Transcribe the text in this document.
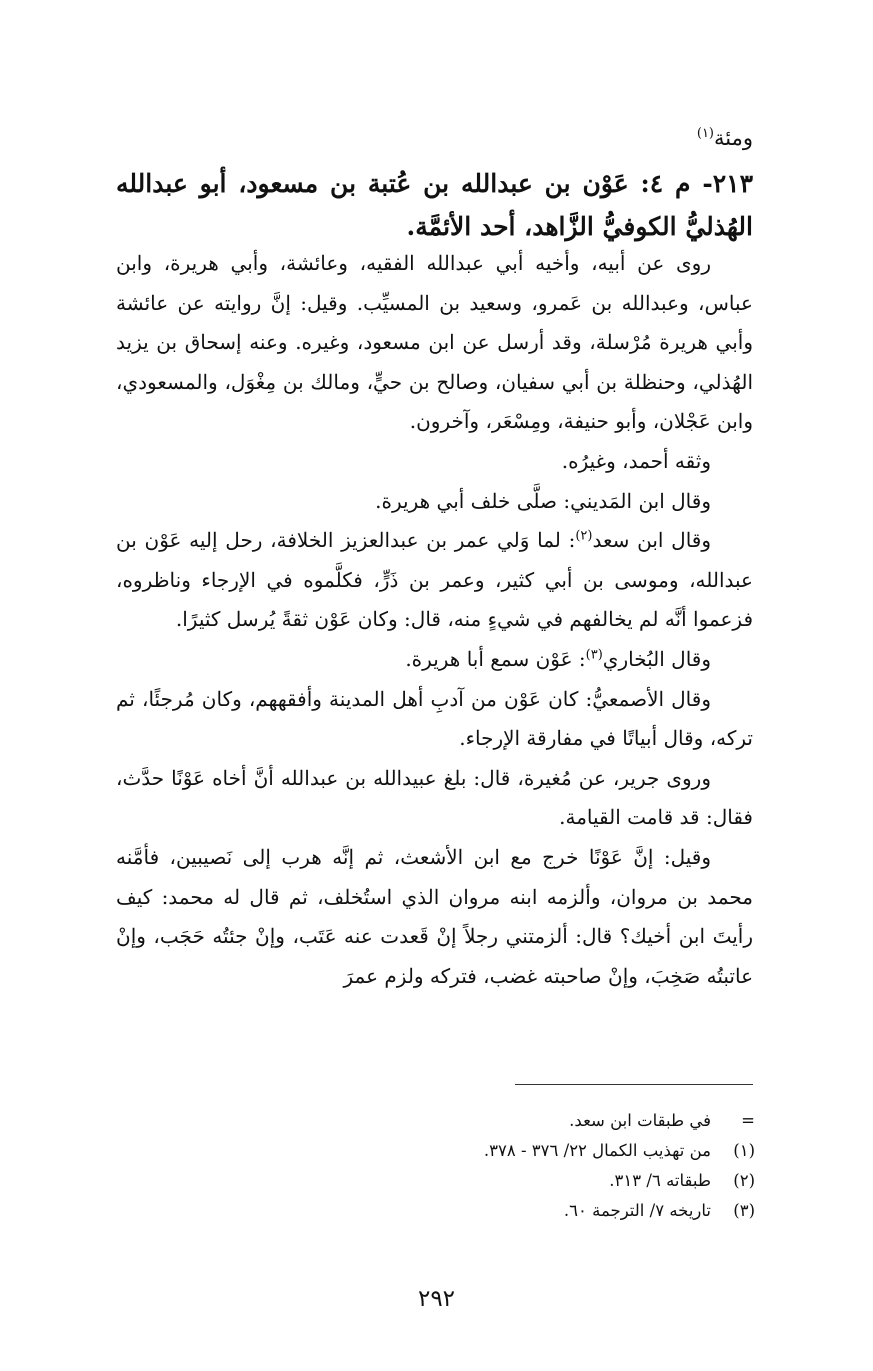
ومئة$^{(١)}$
٢١٣- م ٤: عَوْن بن عبدالله بن عُتبة بن مسعود، أبو عبدالله الهُذليُّ الكوفيُّ الزَّاهد، أحد الأئمَّة.

روى عن أبيه، وأخيه أبي عبدالله الفقيه، وعائشة، وأبي هريرة، وابن عباس، وعبدالله بن عَمرو، وسعيد بن المسيِّب. وقيل: إنَّ روايته عن عائشة وأبي هريرة مُرْسلة، وقد أرسل عن ابن مسعود، وغيره. وعنه إسحاق بن يزيد الهُذلي، وحنظلة بن أبي سفيان، وصالح بن حيٍّ، ومالك بن مِغْوَل، والمسعودي، وابن عَجْلان، وأبو حنيفة، ومِسْعَر، وآخرون.

وثقه أحمد، وغيرُه.

وقال ابن المَديني: صلَّى خلف أبي هريرة.

وقال ابن سعد$^{(٢)}$: لما وَلي عمر بن عبدالعزيز الخلافة، رحل إليه عَوْن بن عبدالله، وموسى بن أبي كثير، وعمر بن ذَرٍّ، فكلَّموه في الإرجاء وناظروه، فزعموا أنَّه لم يخالفهم في شيءٍ منه، قال: وكان عَوْن ثقةً يُرسل كثيرًا.

وقال البُخاري$^{(٣)}$: عَوْن سمع أبا هريرة.

وقال الأصمعيُّ: كان عَوْن من آدبِ أهل المدينة وأفقههم، وكان مُرجئًا، ثم تركه، وقال أبياتًا في مفارقة الإرجاء.

وروى جرير، عن مُغيرة، قال: بلغ عبيدالله بن عبدالله أنَّ أخاه عَوْنًا حدَّث، فقال: قد قامت القيامة.

وقيل: إنَّ عَوْنًا خرج مع ابن الأشعث، ثم إنَّه هرب إلى نَصيبين، فأمَّنه محمد بن مروان، وألزمه ابنه مروان الذي استُخلف، ثم قال له محمد: كيف رأيتَ ابن أخيك؟ قال: ألزمتني رجلاً إنْ قَعدت عنه عَتَب، وإنْ جئتُه حَجَب، وإنْ عاتبتُه صَخِبَ، وإنْ صاحبته غضب، فتركه ولزم عمرَ

=
في طبقات ابن سعد.
(١)
من تهذيب الكمال ٢٢/ ٣٧٦ - ٣٧٨.
(٢)
طبقاته ٦/ ٣١٣.
(٣)
تاريخه ٧/ الترجمة ٦٠.
٢٩٢
